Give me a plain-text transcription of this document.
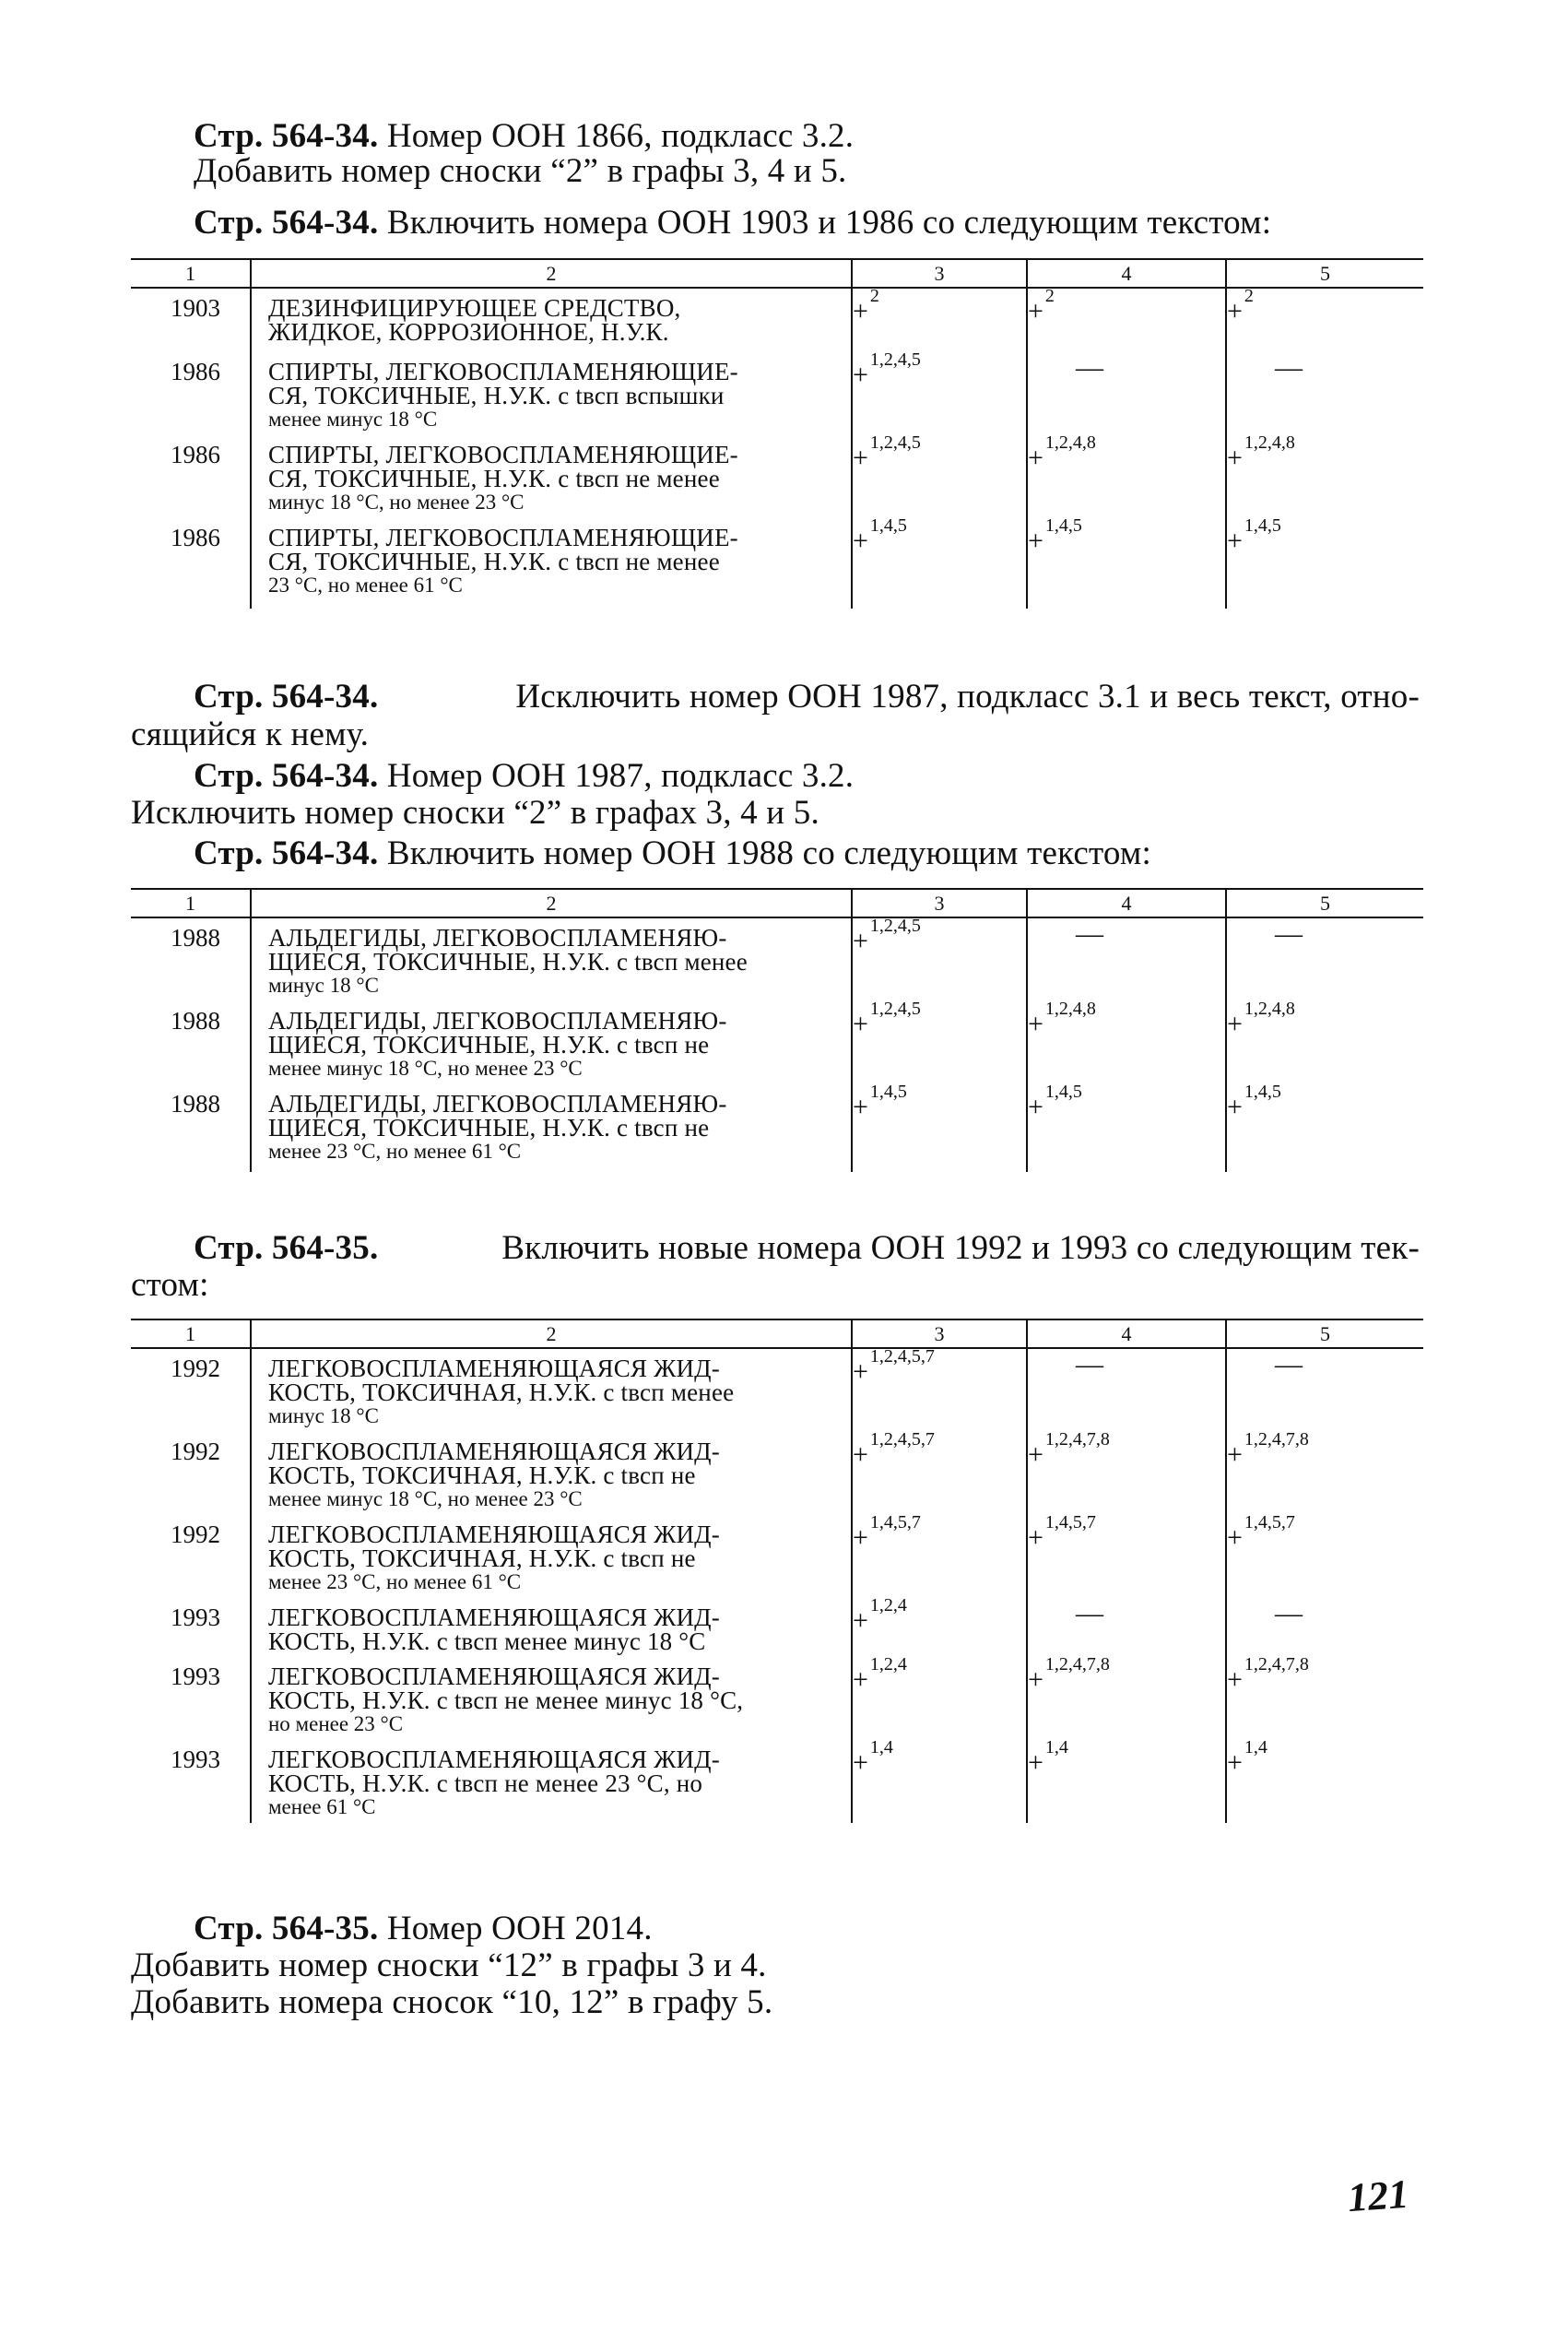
Стр. 564-34. Номер ООН 1866, подкласс 3.2.
Добавить номер сноски “2” в графы 3, 4 и 5.
Стр. 564-34. Включить номера ООН 1903 и 1986 со следующим текстом:
1	2	3	4	5
1903	ДЕЗИНФИЦИРУЮЩЕЕ СРЕДСТВО,
ЖИДКОЕ, КОРРОЗИОННОЕ, Н.У.К.	+ $^2$	+ $^2$	+ $^2$
1986	СПИРТЫ, ЛЕГКОВОСПЛАМЕНЯЮЩИЕ-
СЯ, ТОКСИЧНЫЕ, Н.У.К. с tвсп вспышки
менее минус 18 °С	+ $^{1,2,4,5}$	—	—
1986	СПИРТЫ, ЛЕГКОВОСПЛАМЕНЯЮЩИЕ-
СЯ, ТОКСИЧНЫЕ, Н.У.К. с tвсп не менее
минус 18 °С, но менее 23 °С	+ $^{1,2,4,5}$	+ $^{1,2,4,8}$	+ $^{1,2,4,8}$
1986	СПИРТЫ, ЛЕГКОВОСПЛАМЕНЯЮЩИЕ-
СЯ, ТОКСИЧНЫЕ, Н.У.К. с tвсп не менее
23 °С, но менее 61 °С	+ $^{1,4,5}$	+ $^{1,4,5}$	+ $^{1,4,5}$
Стр. 564-34.	Исключить номер ООН 1987, подкласс 3.1 и весь текст, отно-
сящийся к нему.
Стр. 564-34. Номер ООН 1987, подкласс 3.2.
Исключить номер сноски “2” в графах 3, 4 и 5.
Стр. 564-34. Включить номер ООН 1988 со следующим текстом:
1	2	3	4	5
1988	АЛЬДЕГИДЫ, ЛЕГКОВОСПЛАМЕНЯЮ-
ЩИЕСЯ, ТОКСИЧНЫЕ, Н.У.К. с tвсп менее
минус 18 °С	+ $^{1,2,4,5}$	—	—
1988	АЛЬДЕГИДЫ, ЛЕГКОВОСПЛАМЕНЯЮ-
ЩИЕСЯ, ТОКСИЧНЫЕ, Н.У.К. с tвсп не
менее минус 18 °С, но менее 23 °С	+ $^{1,2,4,5}$	+ $^{1,2,4,8}$	+ $^{1,2,4,8}$
1988	АЛЬДЕГИДЫ, ЛЕГКОВОСПЛАМЕНЯЮ-
ЩИЕСЯ, ТОКСИЧНЫЕ, Н.У.К. с tвсп не
менее 23 °С, но менее 61 °С	+ $^{1,4,5}$	+ $^{1,4,5}$	+ $^{1,4,5}$
Стр. 564-35.	Включить новые номера ООН 1992 и 1993 со следующим тек-
стом:
1	2	3	4	5
1992	ЛЕГКОВОСПЛАМЕНЯЮЩАЯСЯ ЖИД-
КОСТЬ, ТОКСИЧНАЯ, Н.У.К. с tвсп менее
минус 18 °С	+ $^{1,2,4,5,7}$	—	—
1992	ЛЕГКОВОСПЛАМЕНЯЮЩАЯСЯ ЖИД-
КОСТЬ, ТОКСИЧНАЯ, Н.У.К. с tвсп не
менее минус 18 °С, но менее 23 °С	+ $^{1,2,4,5,7}$	+ $^{1,2,4,7,8}$	+ $^{1,2,4,7,8}$
1992	ЛЕГКОВОСПЛАМЕНЯЮЩАЯСЯ ЖИД-
КОСТЬ, ТОКСИЧНАЯ, Н.У.К. с tвсп не
менее 23 °С, но менее 61 °С	+ $^{1,4,5,7}$	+ $^{1,4,5,7}$	+ $^{1,4,5,7}$
1993	ЛЕГКОВОСПЛАМЕНЯЮЩАЯСЯ ЖИД-
КОСТЬ, Н.У.К. с tвсп менее минус 18 °С	+ $^{1,2,4}$	—	—
1993	ЛЕГКОВОСПЛАМЕНЯЮЩАЯСЯ ЖИД-
КОСТЬ, Н.У.К. с tвсп не менее минус 18 °С,
но менее 23 °С	+ $^{1,2,4}$	+ $^{1,2,4,7,8}$	+ $^{1,2,4,7,8}$
1993	ЛЕГКОВОСПЛАМЕНЯЮЩАЯСЯ ЖИД-
КОСТЬ, Н.У.К. с tвсп не менее 23 °С, но
менее 61 °С	+ $^{1,4}$	+ $^{1,4}$	+ $^{1,4}$
Стр. 564-35. Номер ООН 2014.
Добавить номер сноски “12” в графы 3 и 4.
Добавить номера сносок “10, 12” в графу 5.
121
